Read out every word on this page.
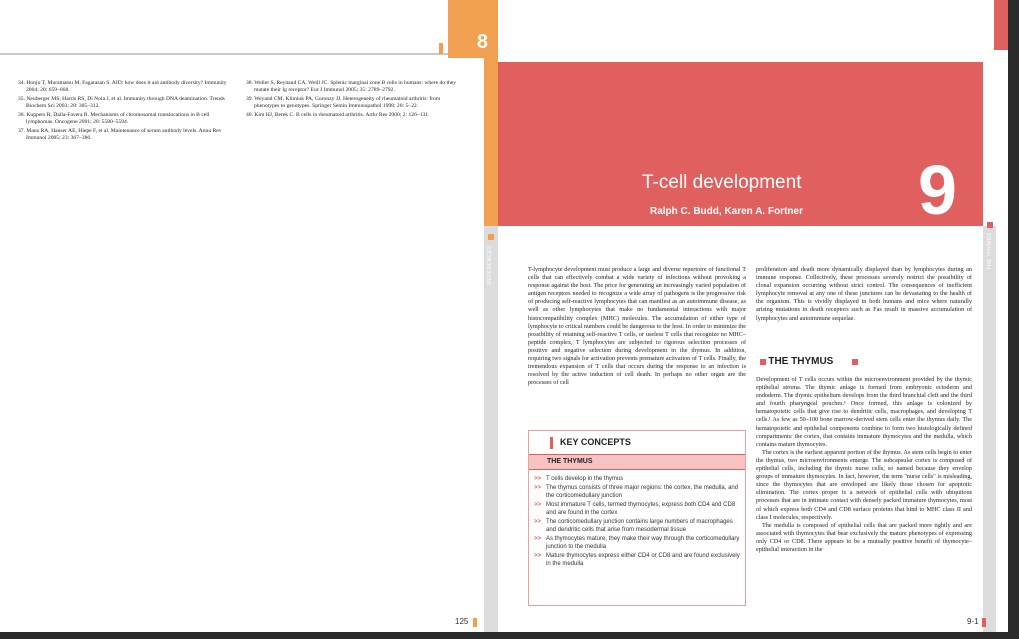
8
REFERENCES

34. Honjo T, Muramatsu M, Fagarasan S. AID: how does it aid antibody diversity? Immunity 2004; 20: 659–668.

35. Neuberger MS, Harris RS, Di Noia J, et al. Immunity through DNA deamination. Trends Biochem Sci 2003; 28: 305–312.

36. Kuppers R, Dalla-Favera R. Mechanisms of chromosomal translocations in B cell lymphomas. Oncogene 2001; 20: 5580–5594.

37. Manz RA, Hauser AE, Hiepe F, et al. Maintenance of serum antibody levels. Annu Rev Immunol 2005; 23: 367–386.

38. Weller S, Reynaud CA, Weill JC. Splenic marginal zone B cells in humans: where do they mutate their Ig receptor? Eur J Immunol 2005; 35: 2789–2792.

39. Weyand CM, Klimiuk PA, Goronzy JJ. Heterogeneity of rheumatoid arthritis: from phenotypes to genotypes. Springer Semin Immunopathol 1998; 20: 5–22.

40. Kim HJ, Berek C. B cells in rheumatoid arthritis. Arthr Res 2000; 2: 126–131.

125
THE THYMUS
T-cell development
Ralph C. Budd, Karen A. Fortner 9
T-lymphocyte development must produce a large and diverse repertoire of functional T cells that can effectively combat a wide variety of infections without provoking a response against the host. The price for generating an increasingly varied population of antigen receptors needed to recognize a wide array of pathogens is the progressive risk of producing self-reactive lymphocytes that can manifest as an autoimmune disease, as well as other lymphocytes that make no fundamental interactions with major histocompatibility complex (MHC) molecules. The accumulation of either type of lymphocyte to critical numbers could be dangerous to the host. In order to minimize the possibility of retaining self-reactive T cells, or useless T cells that recognize no MHC–peptide complex, T lymphocytes are subjected to rigorous selection processes of positive and negative selection during development in the thymus. In addition, requiring two signals for activation prevents premature activation of T cells. Finally, the tremendous expansion of T cells that occurs during the response to an infection is resolved by the active induction of cell death. In perhaps no other organ are the processes of cell
proliferation and death more dynamically displayed than by lymphocytes during an immune response. Collectively, these processes severely restrict the possibility of clonal expansion occurring without strict control. The consequences of inefficient lymphocyte removal at any one of these junctures can be devastating to the health of the organism. This is vividly displayed in both humans and mice where naturally arising mutations in death receptors such as Fas result in massive accumulation of lymphocytes and autoimmune sequelae.
THE THYMUS

Development of T cells occurs within the microenvironment provided by the thymic epithelial stroma. The thymic anlage is formed from embryonic ectoderm and endoderm. The thymic epithelium develops from the third branchial cleft and the third and fourth pharyngeal pouches.¹ Once formed, this anlage is colonized by hematopoietic cells that give rise to dendritic cells, macrophages, and developing T cells.¹ As few as 50–100 bone marrow-derived stem cells enter the thymus daily. The hematopoietic and epithelial components combine to form two histologically defined compartments: the cortex, that contains immature thymocytes and the medulla, which contains mature thymocytes.

The cortex is the earliest apparent portion of the thymus. As stem cells begin to enter the thymus, two microenvironments emerge. The subcapsular cortex is composed of epithelial cells, including the thymic nurse cells, so named because they envelop groups of immature thymocytes. In fact, however, the term "nurse cells" is misleading, since the thymocytes that are enveloped are likely those chosen for apoptotic elimination. The cortex proper is a network of epithelial cells with ubiquitous processes that are in intimate contact with densely packed immature thymocytes, most of which express both CD4 and CD8 surface proteins that bind to MHC class II and class I molecules, respectively.

The medulla is composed of epithelial cells that are packed more tightly and are associated with thymocytes that bear exclusively the mature phenotypes of expressing only CD4 or CD8. There appears to be a mutually positive benefit of thymocyte–epithelial interaction in the

KEY CONCEPTS
THE THYMUS
>> T cells develop in the thymus
>> The thymus consists of three major regions: the cortex, the medulla, and the corticomedullary junction
>> Most immature T cells, termed thymocytes, express both CD4 and CD8 and are found in the cortex
>> The corticomedullary junction contains large numbers of macrophages and dendritic cells that arise from mesodermal tissue
>> As thymocytes mature, they make their way through the corticomedullary junction to the medulla
>> Mature thymocytes express either CD4 or CD8 and are found exclusively in the medulla
9-1
